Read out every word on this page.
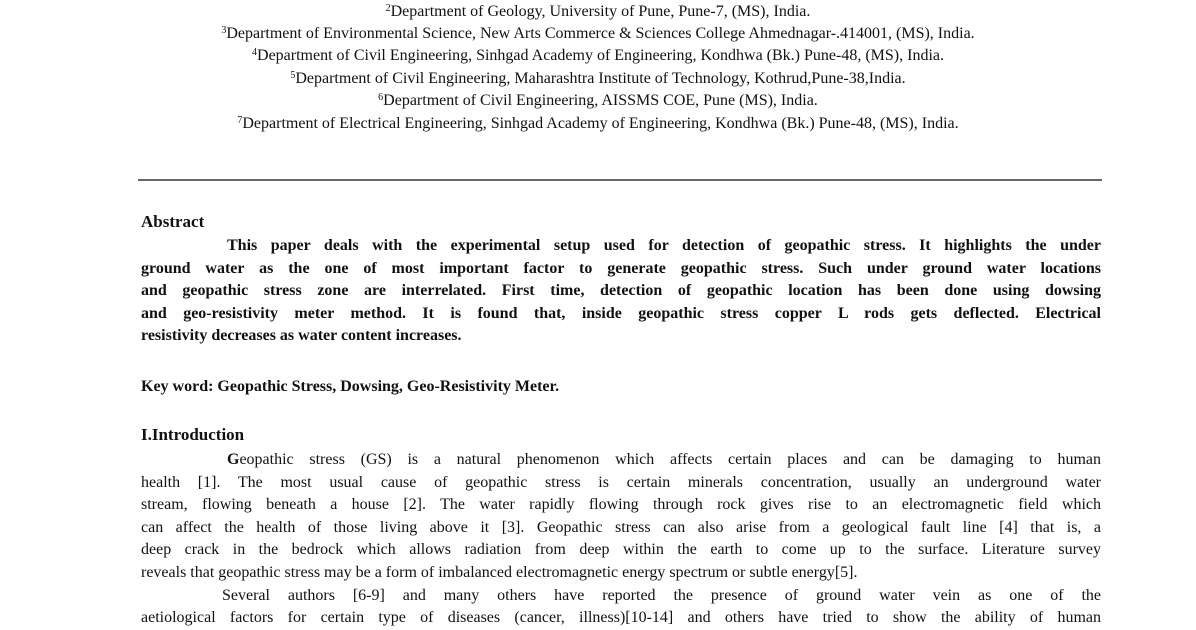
$^2$Department of Geology, University of Pune, Pune-7, (MS), India.
$^3$Department of Environmental Science, New Arts Commerce & Sciences College Ahmednagar-.414001, (MS), India.
$^4$Department of Civil Engineering, Sinhgad Academy of Engineering, Kondhwa (Bk.) Pune-48, (MS), India.
$^5$Department of Civil Engineering, Maharashtra Institute of Technology, Kothrud,Pune-38,India.
$^6$Department of Civil Engineering, AISSMS COE, Pune (MS), India.
$^7$Department of Electrical Engineering, Sinhgad Academy of Engineering, Kondhwa (Bk.) Pune-48, (MS), India.
Abstract
This paper deals with the experimental setup used for detection of geopathic stress. It highlights the under
ground water as the one of most important factor to generate geopathic stress. Such under ground water locations
and geopathic stress zone are interrelated. First time, detection of geopathic location has been done using dowsing
and geo-resistivity meter method. It is found that, inside geopathic stress copper L rods gets deflected. Electrical
resistivity decreases as water content increases.
Key word: Geopathic Stress, Dowsing, Geo-Resistivity Meter.
I.Introduction
Geopathic stress (GS) is a natural phenomenon which affects certain places and can be damaging to human
health [1]. The most usual cause of geopathic stress is certain minerals concentration, usually an underground water
stream, flowing beneath a house [2]. The water rapidly flowing through rock gives rise to an electromagnetic field which
can affect the health of those living above it [3]. Geopathic stress can also arise from a geological fault line [4] that is, a
deep crack in the bedrock which allows radiation from deep within the earth to come up to the surface. Literature survey
reveals that geopathic stress may be a form of imbalanced electromagnetic energy spectrum or subtle energy[5].
Several authors [6-9] and many others have reported the presence of ground water vein as one of the
aetiological factors for certain type of diseases (cancer, illness)[10-14] and others have tried to show the ability of human
